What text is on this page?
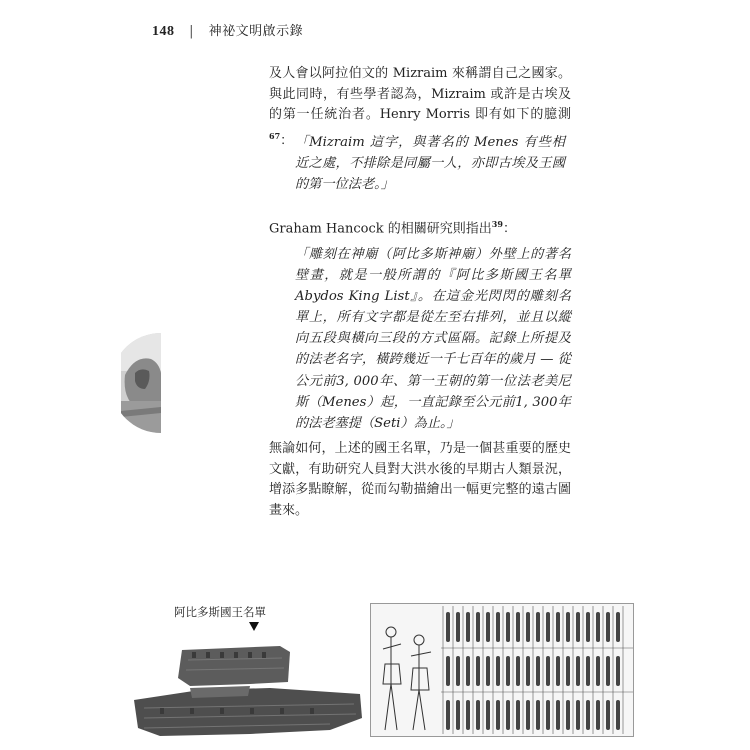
148 | 神祕文明啟示錄
及人會以阿拉伯文的 Mizraim 來稱謂自己之國家。與此同時，有些學者認為，Mizraim 或許是古埃及的第一任統治者。Henry Morris 即有如下的臆測$^{67}$： 「Mizraim 這字，與著名的 Menes 有些相近之處，不排除是同屬一人，亦即古埃及王國的第一位法老。」
Graham Hancock 的相關研究則指出$^{39}$：
「雕刻在神廟（阿比多斯神廟）外壁上的著名壁畫，就是一般所謂的『阿比多斯國王名單 Abydos King List』。在這金光閃閃的雕刻名單上，所有文字都是從左至右排列，並且以縱向五段與橫向三段的方式區隔。記錄上所提及的法老名字，橫跨幾近一千七百年的歲月 — 從公元前3, 000年、第一王朝的第一位法老美尼斯（Menes）起，一直記錄至公元前1, 300年的法老塞提（Seti）為止。」
無論如何，上述的國王名單，乃是一個甚重要的歷史文獻，有助研究人員對大洪水後的早期古人類景況，增添多點瞭解，從而勾勒描繪出一幅更完整的遠古圖畫來。
阿比多斯國王名單
